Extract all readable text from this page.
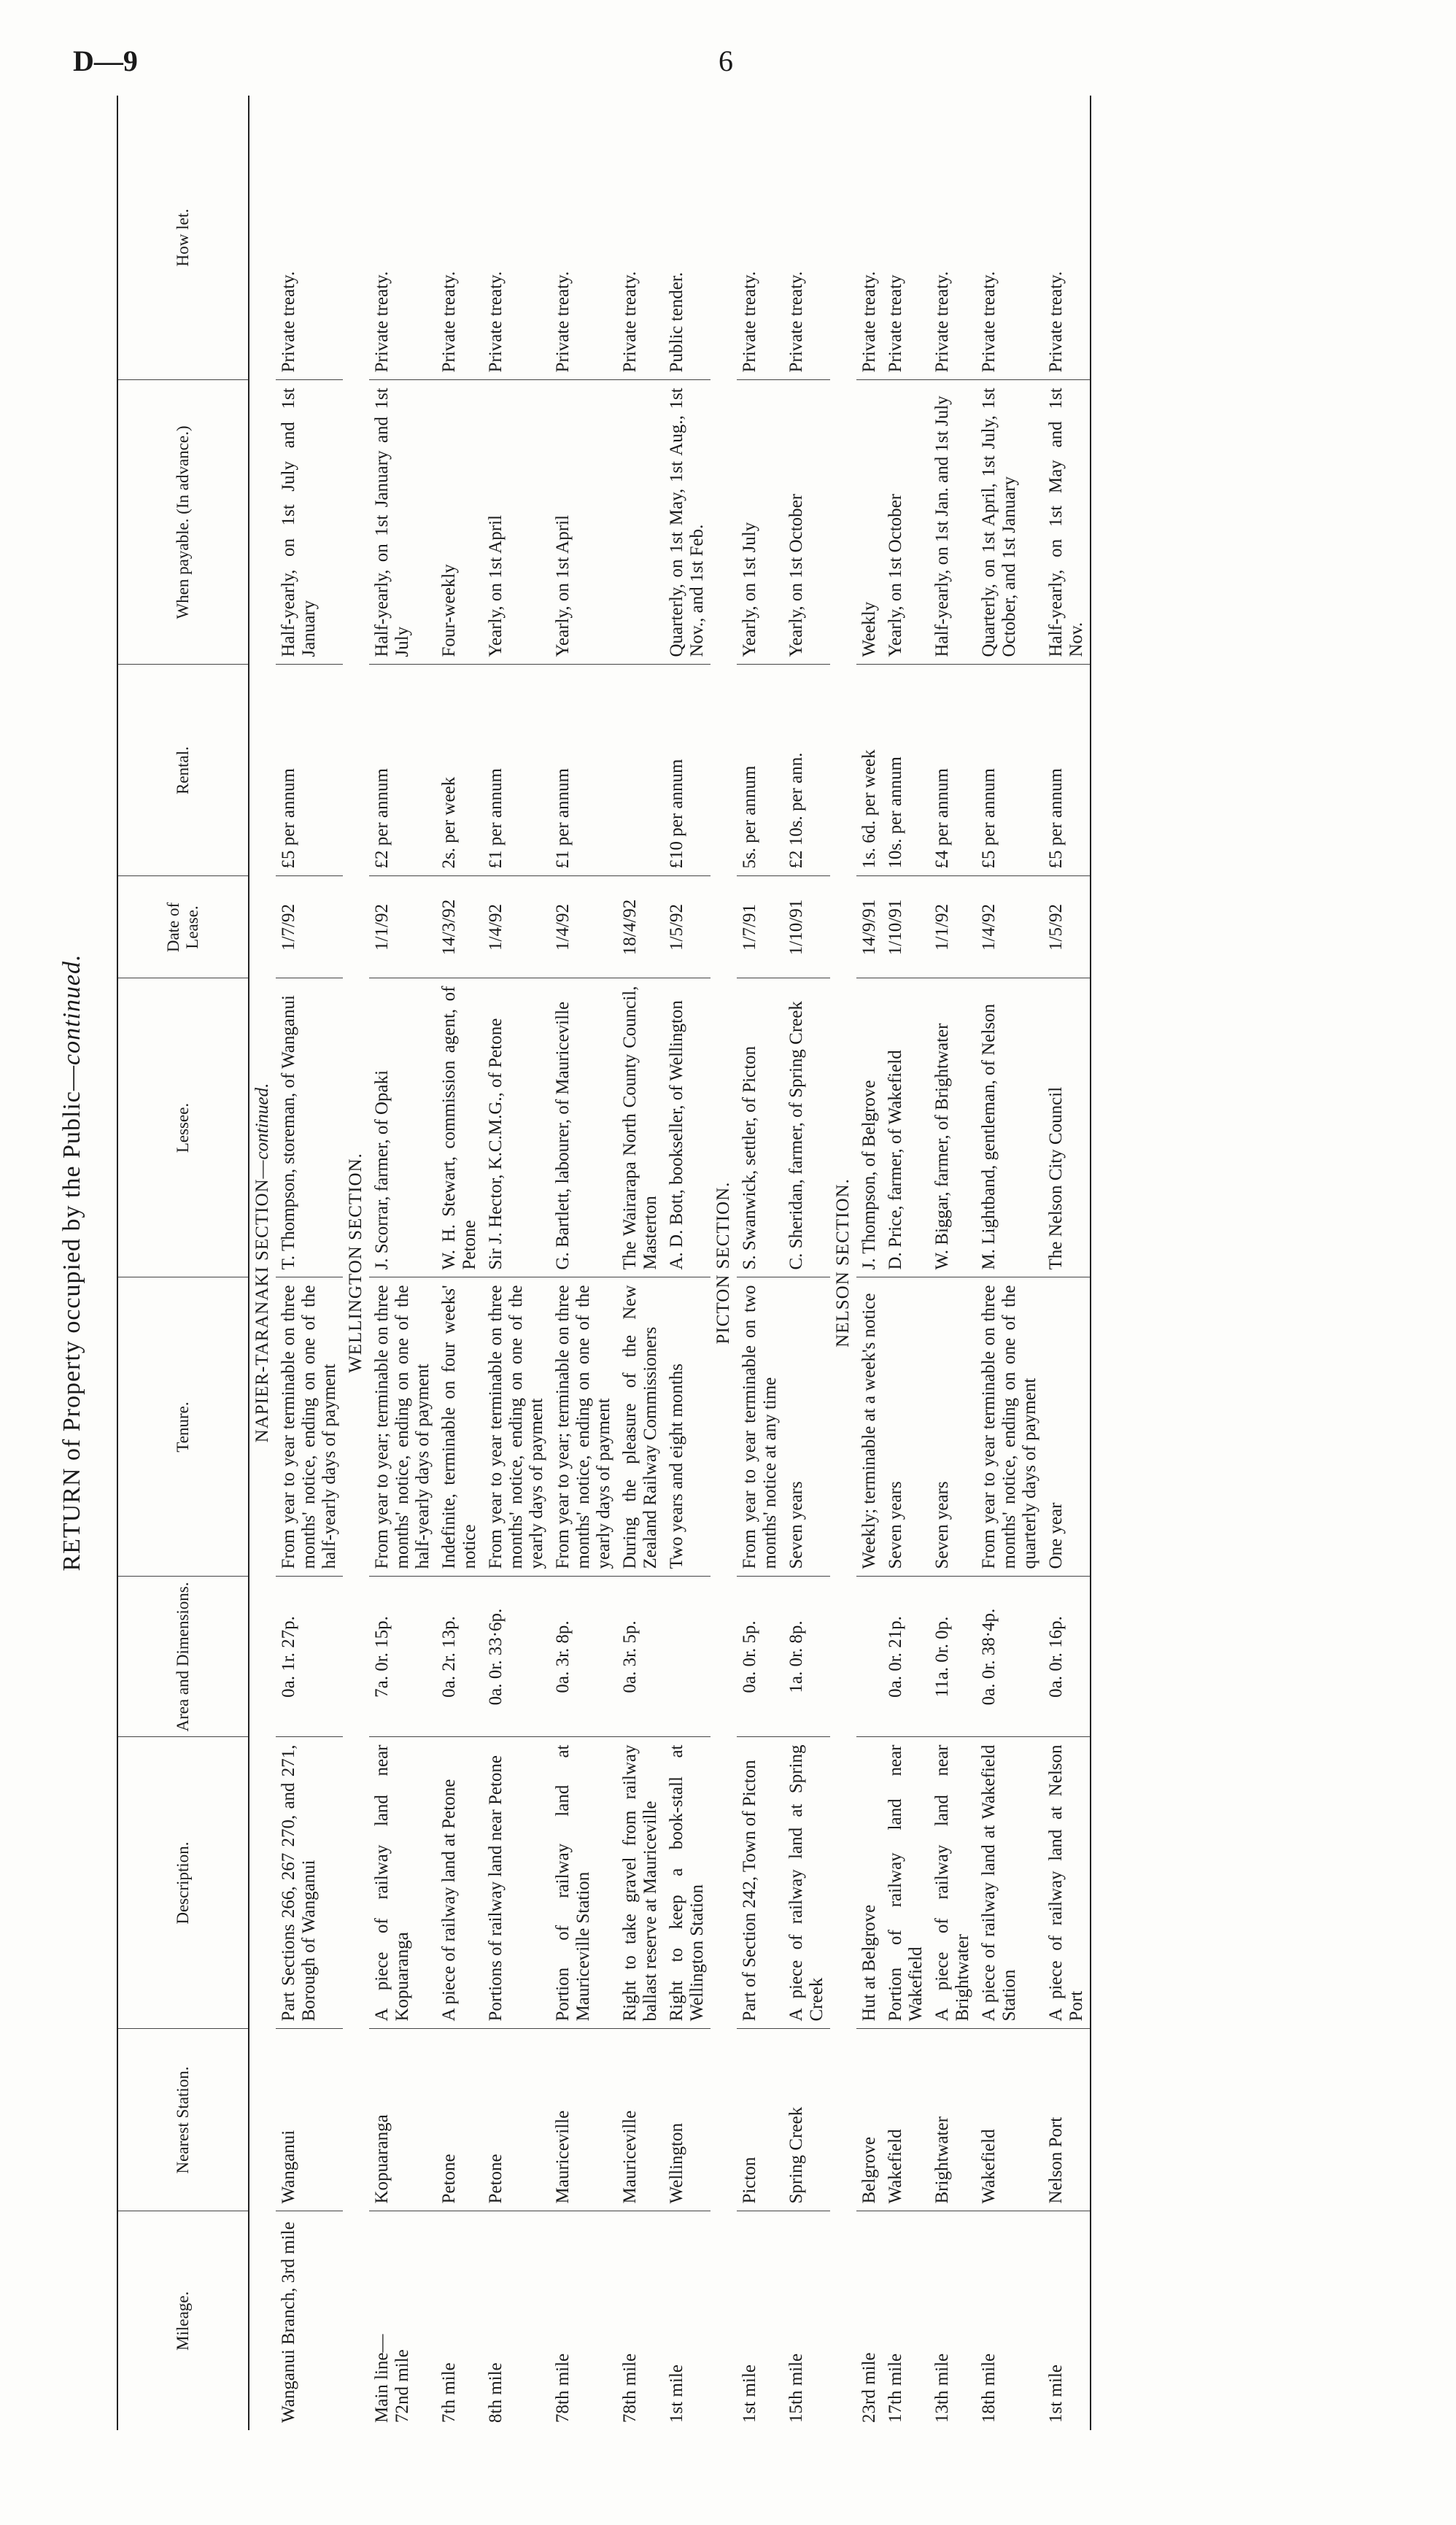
D—9	6
RETURN of Property occupied by the Public—continued.
Mileage.	Nearest Station.	Description.	Area and Dimensions.	Tenure.	Lessee.	Date of Lease.	Rental.	When payable. (In advance.)	How let.
NAPIER-TARANAKI SECTION—continued.									
Wanganui Branch, 3rd mile	Wanganui	Part Sections 266, 267 270, and 271, Borough of Wanganui	0a. 1r. 27p.	From year to year terminable on three months' notice, ending on one of the half-yearly days of payment	T. Thompson, storeman, of Wanganui	1/7/92	£5 per annum	Half-yearly, on 1st July and 1st January	Private treaty.
WELLINGTON SECTION.									

Main line— 72nd mile	Kopuaranga	A piece of railway land near Kopuaranga	7a. 0r. 15p.	From year to year; terminable on three months' notice, ending on one of the half-yearly days of payment	J. Scorrar, farmer, of Opaki	1/1/92	£2 per annum	Half-yearly, on 1st January and 1st July	Private treaty.
7th mile	Petone	A piece of railway land at Petone	0a. 2r. 13p.	Indefinite, terminable on four weeks' notice	W. H. Stewart, commission agent, of Petone	14/3/92	2s. per week	Four-weekly	Private treaty.
8th mile	Petone	Portions of railway land near Petone	0a. 0r. 33·6p.	From year to year terminable on three months' notice, ending on one of the yearly days of payment	Sir J. Hector, K.C.M.G., of Petone	1/4/92	£1 per annum	Yearly, on 1st April	Private treaty.
78th mile	Mauriceville	Portion of railway land at Mauriceville Station	0a. 3r. 8p.	From year to year; terminable on three months' notice, ending on one of the yearly days of payment	G. Bartlett, labourer, of Mauriceville	1/4/92	£1 per annum	Yearly, on 1st April	Private treaty.
78th mile	Mauriceville	Right to take gravel from railway ballast reserve at Mauriceville	0a. 3r. 5p.	During the pleasure of the New Zealand Railway Commissioners	The Wairarapa North County Council, Masterton	18/4/92			Private treaty.
1st mile	Wellington	Right to keep a book-stall at Wellington Station		Two years and eight months	A. D. Bott, bookseller, of Wellington	1/5/92	£10 per annum	Quarterly, on 1st May, 1st Aug., 1st Nov., and 1st Feb.	Public tender.
PICTON SECTION.									
1st mile	Picton	Part of Section 242, Town of Picton	0a. 0r. 5p.	From year to year terminable on two months' notice at any time	S. Swanwick, settler, of Picton	1/7/91	5s. per annum	Yearly, on 1st July	Private treaty.
15th mile	Spring Creek	A piece of railway land at Spring Creek	1a. 0r. 8p.	Seven years	C. Sheridan, farmer, of Spring Creek	1/10/91	£2 10s. per ann.	Yearly, on 1st October	Private treaty.
NELSON SECTION.									
23rd mile	Belgrove	Hut at Belgrove		Weekly; terminable at a week's notice	J. Thompson, of Belgrove	14/9/91	1s. 6d. per week	Weekly	Private treaty.
17th mile	Wakefield	Portion of railway land near Wakefield	0a. 0r. 21p.	Seven years	D. Price, farmer, of Wakefield	1/10/91	10s. per annum	Yearly, on 1st October	Private treaty
13th mile	Brightwater	A piece of railway land near Brightwater	11a. 0r. 0p.	Seven years	W. Biggar, farmer, of Brightwater	1/1/92	£4 per annum	Half-yearly, on 1st Jan. and 1st July	Private treaty.
18th mile	Wakefield	A piece of railway land at Wakefield Station	0a. 0r. 38·4p.	From year to year terminable on three months' notice, ending on one of the quarterly days of payment	M. Lightband, gentleman, of Nelson	1/4/92	£5 per annum	Quarterly, on 1st April, 1st July, 1st October, and 1st January	Private treaty.
1st mile	Nelson Port	A piece of railway land at Nelson Port	0a. 0r. 16p.	One year	The Nelson City Council	1/5/92	£5 per annum	Half-yearly, on 1st May and 1st Nov.	Private treaty.
